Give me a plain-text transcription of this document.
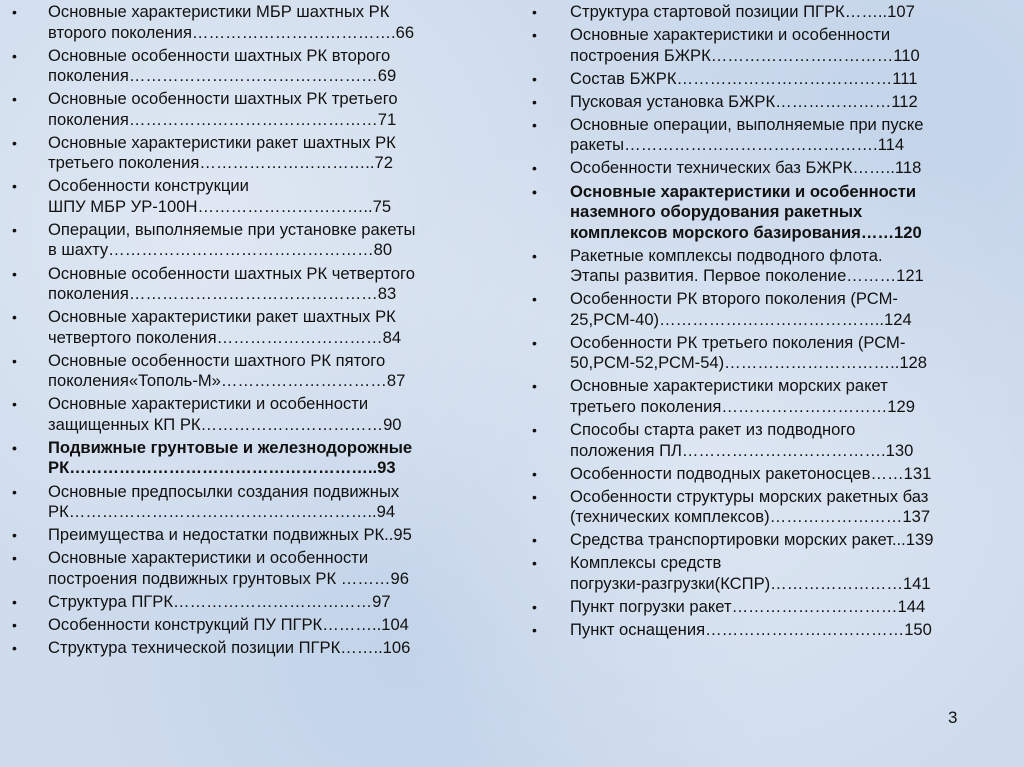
•	Основные характеристики МБР шахтных РК
второго поколения……………………………….66
•	Основные особенности шахтных РК второго
поколения………………………………………69
•	Основные особенности шахтных РК третьего
поколения………………………………………71
•	Основные характеристики ракет шахтных РК
третьего поколения…………………………..72
•	Особенности конструкции
ШПУ МБР УР-100Н…………………………..75
•	Операции, выполняемые при установке ракеты
в шахту…………………………………………80
•	Основные особенности шахтных РК четвертого
поколения………………………………………83
•	Основные характеристики ракет шахтных РК
четвертого поколения…………………………84
•	Основные особенности шахтного РК пятого
поколения«Тополь-М»…………………………87
•	Основные характеристики и особенности
защищенных КП РК……………………………90
•	Подвижные грунтовые и железнодорожные
РК………………………………………………..93
•	Основные предпосылки создания подвижных
РК………………………………………………..94
•	Преимущества и недостатки подвижных РК..95
•	Основные характеристики и особенности
построения подвижных грунтовых РК ………96
•	Структура ПГРК………………………………97
•	Особенности конструкций ПУ ПГРК………..104
•	Структура технической позиции ПГРК……..106
•	Структура стартовой позиции ПГРК……..107
•	Основные характеристики и особенности
построения БЖРК……………………………110
•	Состав БЖРК…………………………………111
•	Пусковая установка БЖРК…………………112
•	Основные операции, выполняемые при пуске
ракеты……………………………………….114
•	Особенности технических баз БЖРК……..118
•	Основные характеристики и особенности
наземного оборудования ракетных
комплексов морского базирования……120
•	Ракетные комплексы подводного флота.
Этапы развития. Первое поколение………121
•	Особенности РК второго поколения (РСМ-
25,РСМ-40)…………………………………..124
•	Особенности РК третьего поколения (РСМ-
50,РСМ-52,РСМ-54)…………………………..128
•	Основные характеристики морских ракет
третьего поколения…………………………129
•	Способы старта ракет из подводного
положения ПЛ……………………………….130
•	Особенности подводных ракетоносцев……131
•	Особенности структуры морских ракетных баз
(технических комплексов)……………………137
•	Средства транспортировки морских ракет...139
•	Комплексы средств
погрузки-разгрузки(КСПР)……………………141
•	Пункт погрузки ракет…………………………144
•	Пункт оснащения………………………………150
3
